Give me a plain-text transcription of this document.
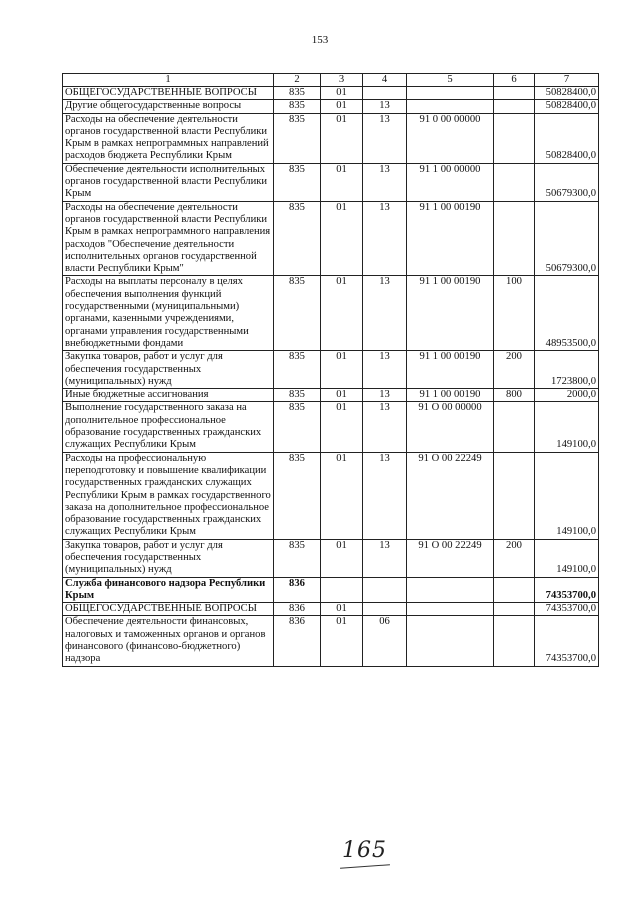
153
1	2	3	4	5	6	7
ОБЩЕГОСУДАРСТВЕННЫЕ ВОПРОСЫ	835	01				50828400,0
Другие общегосударственные вопросы	835	01	13			50828400,0
Расходы на обеспечение деятельности органов государственной власти Республики Крым в рамках непрограммных направлений расходов бюджета Республики Крым	835	01	13	91 0 00 00000		50828400,0
Обеспечение деятельности исполнительных органов государственной власти Республики Крым	835	01	13	91 1 00 00000		50679300,0
Расходы на обеспечение деятельности органов государственной власти Республики Крым в рамках непрограммного направления расходов "Обеспечение деятельности исполнительных органов государственной власти Республики Крым"	835	01	13	91 1 00 00190		50679300,0
Расходы на выплаты персоналу в целях обеспечения выполнения функций государственными (муниципальными) органами, казенными учреждениями, органами управления государственными внебюджетными фондами	835	01	13	91 1 00 00190	100	48953500,0
Закупка товаров, работ и услуг для обеспечения государственных (муниципальных) нужд	835	01	13	91 1 00 00190	200	1723800,0
Иные бюджетные ассигнования	835	01	13	91 1 00 00190	800	2000,0
Выполнение государственного заказа на дополнительное профессиональное образование государственных гражданских служащих Республики Крым	835	01	13	91 О 00 00000		149100,0
Расходы на профессиональную переподготовку и повышение квалификации государственных гражданских служащих Республики Крым в рамках государственного заказа на дополнительное профессиональное образование государственных гражданских служащих Республики Крым	835	01	13	91 О 00 22249		149100,0
Закупка товаров, работ и услуг для обеспечения государственных (муниципальных) нужд	835	01	13	91 О 00 22249	200	149100,0
Служба финансового надзора Республики Крым	836					74353700,0
ОБЩЕГОСУДАРСТВЕННЫЕ ВОПРОСЫ	836	01				74353700,0
Обеспечение деятельности финансовых, налоговых и таможенных органов и органов финансового (финансово-бюджетного) надзора	836	01	06			74353700,0
165
